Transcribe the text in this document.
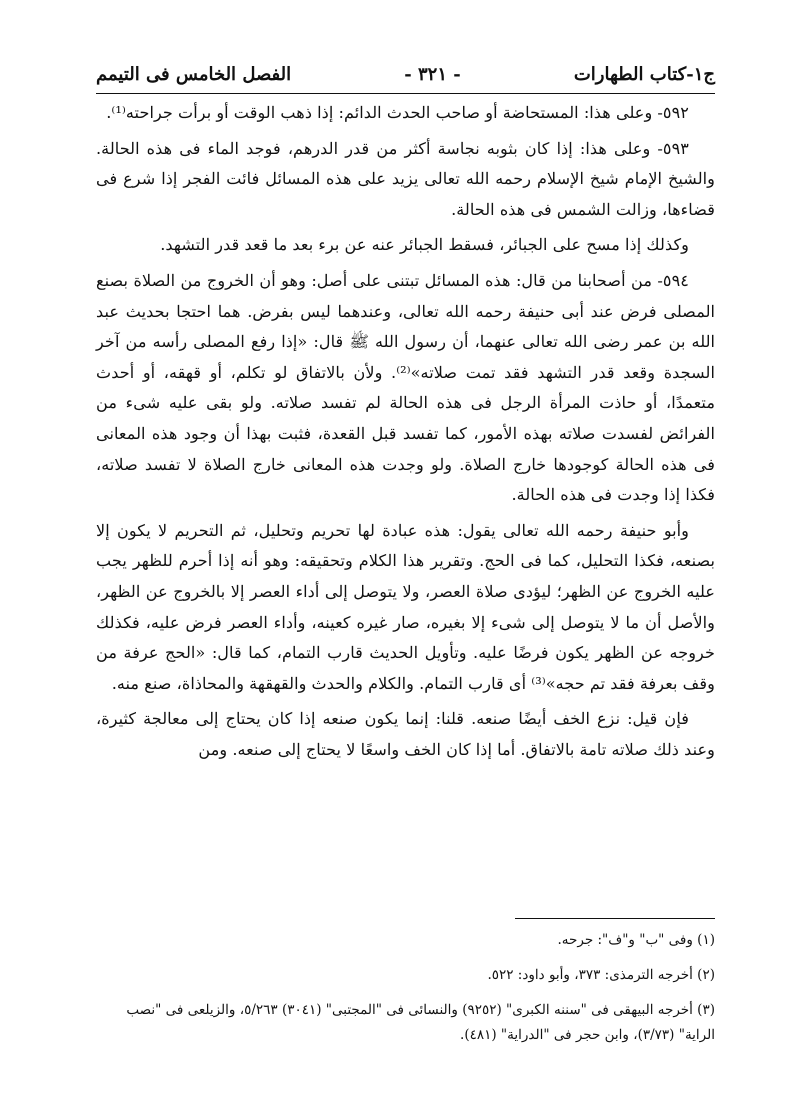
ج١-كتاب الطهارات
- ٣٢١ -
الفصل الخامس فى التيمم

٥٩٢- وعلى هذا: المستحاضة أو صاحب الحدث الدائم: إذا ذهب الوقت أو برأت جراحته⁽¹⁾.

٥٩٣- وعلى هذا: إذا كان بثوبه نجاسة أكثر من قدر الدرهم، فوجد الماء فى هذه الحالة. والشيخ الإمام شيخ الإسلام رحمه الله تعالى يزيد على هذه المسائل فائت الفجر إذا شرع فى قضاءها، وزالت الشمس فى هذه الحالة.

وكذلك إذا مسح على الجبائر، فسقط الجبائر عنه عن برء بعد ما قعد قدر التشهد.

٥٩٤- من أصحابنا من قال: هذه المسائل تبتنى على أصل: وهو أن الخروج من الصلاة بصنع المصلى فرض عند أبى حنيفة رحمه الله تعالى، وعندهما ليس بفرض. هما احتجا بحديث عبد الله بن عمر رضى الله تعالى عنهما، أن رسول الله ﷺ قال: «إذا رفع المصلى رأسه من آخر السجدة وقعد قدر التشهد فقد تمت صلاته»⁽²⁾. ولأن بالاتفاق لو تكلم، أو قهقه، أو أحدث متعمدًا، أو حاذت المرأة الرجل فى هذه الحالة لم تفسد صلاته. ولو بقى عليه شىء من الفرائض لفسدت صلاته بهذه الأمور، كما تفسد قبل القعدة، فثبت بهذا أن وجود هذه المعانى فى هذه الحالة كوجودها خارج الصلاة. ولو وجدت هذه المعانى خارج الصلاة لا تفسد صلاته، فكذا إذا وجدت فى هذه الحالة.

وأبو حنيفة رحمه الله تعالى يقول: هذه عبادة لها تحريم وتحليل، ثم التحريم لا يكون إلا بصنعه، فكذا التحليل، كما فى الحج. وتقرير هذا الكلام وتحقيقه: وهو أنه إذا أحرم للظهر يجب عليه الخروج عن الظهر؛ ليؤدى صلاة العصر، ولا يتوصل إلى أداء العصر إلا بالخروج عن الظهر، والأصل أن ما لا يتوصل إلى شىء إلا بغيره، صار غيره كعينه، وأداء العصر فرض عليه، فكذلك خروجه عن الظهر يكون فرضًا عليه. وتأويل الحديث قارب التمام، كما قال: «الحج عرفة من وقف بعرفة فقد تم حجه»⁽³⁾ أى قارب التمام. والكلام والحدث والقهقهة والمحاذاة، صنع منه.

فإن قيل: نزع الخف أيضًا صنعه. قلنا: إنما يكون صنعه إذا كان يحتاج إلى معالجة كثيرة، وعند ذلك صلاته تامة بالاتفاق. أما إذا كان الخف واسعًا لا يحتاج إلى صنعه. ومن

(١) وفى "ب" و"ف": جرحه.
(٢) أخرجه الترمذى: ٣٧٣، وأبو داود: ٥٢٢.
(٣) أخرجه البيهقى فى "سننه الكبرى" (٩٢٥٢) والنسائى فى "المجتبى" (٣٠٤١) ٥/٢٦٣، والزيلعى فى "نصب الراية" (٣/٧٣)، وابن حجر فى "الدراية" (٤٨١).
